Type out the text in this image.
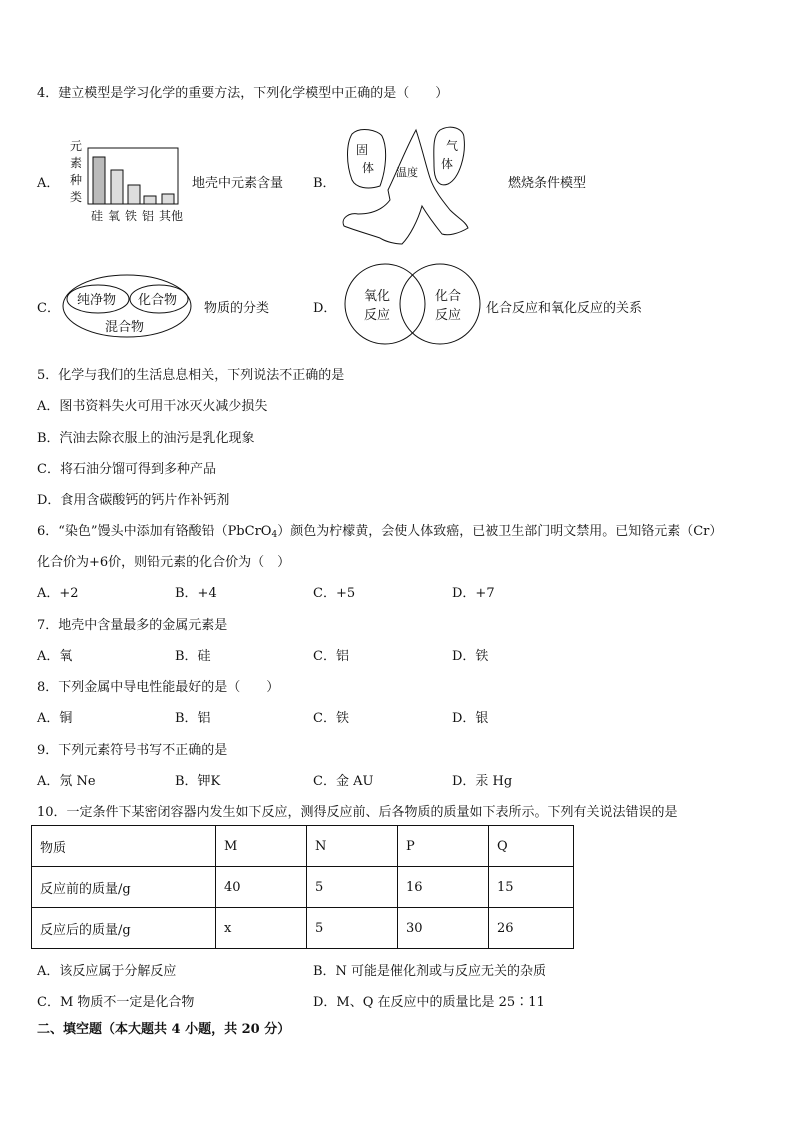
4．建立模型是学习化学的重要方法，下列化学模型中正确的是（　　）
A．
元
素
种
类
硅 氧 铁 铝 其他
地壳中元素含量 B．
固
体
气
体
温度
燃烧条件模型
C．
纯净物 化合物
混合物
物质的分类	D．
氧化
反应
化合
反应 化合反应和氧化反应的关系
5．化学与我们的生活息息相关，下列说法不正确的是
A．图书资料失火可用干冰灭火减少损失
B．汽油去除衣服上的油污是乳化现象
C．将石油分馏可得到多种产品
D．食用含碳酸钙的钙片作补钙剂
6．“染色”馒头中添加有铬酸铅（PbCrO$_4$）颜色为柠檬黄，会使人体致癌，已被卫生部门明文禁用。已知铬元素（Cr）
化合价为+6价，则铅元素的化合价为（　）
A．+2	B．+4	C．+5	D．+7
7．地壳中含量最多的金属元素是
A．氧	B．硅	C．铝	D．铁
8．下列金属中导电性能最好的是（　　）
A．铜	B．铝	C．铁	D．银
9．下列元素符号书写不正确的是
A．氖 Ne	B．钾K	C．金 AU	D．汞 Hg
10．一定条件下某密闭容器内发生如下反应，测得反应前、后各物质的质量如下表所示。下列有关说法错误的是
物质	M	N	P	Q
反应前的质量/g	40	5	16	15
反应后的质量/g	x	5	30	26
A．该反应属于分解反应	B．N 可能是催化剂或与反应无关的杂质
C．M 物质不一定是化合物	D．M、Q 在反应中的质量比是 25∶11
二、填空题（本大题共 4 小题，共 20 分）
